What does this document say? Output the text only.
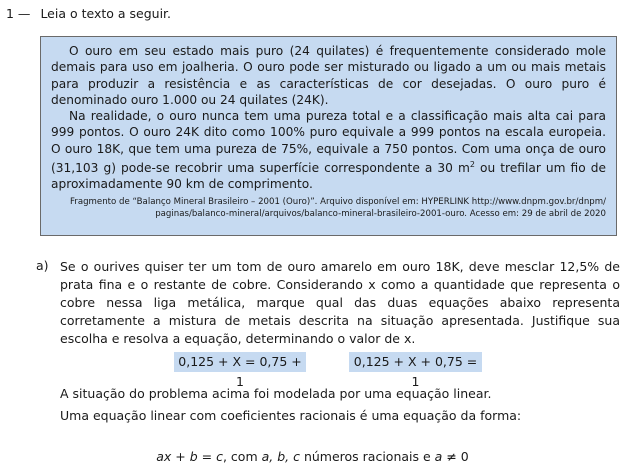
1 — Leia o texto a seguir.

O ouro em seu estado mais puro (24 quilates) é frequentemente considerado mole demais para uso em joalheria. O ouro pode ser misturado ou ligado a um ou mais metais para produzir a resistência e as características de cor desejadas. O ouro puro é denominado ouro 1.000 ou 24 quilates (24K).

Na realidade, o ouro nunca tem uma pureza total e a classificação mais alta cai para 999 pontos. O ouro 24K dito como 100% puro equivale a 999 pontos na escala europeia. O ouro 18K, que tem uma pureza de 75%, equivale a 750 pontos. Com uma onça de ouro (31,103 g) pode-se recobrir uma superfície correspondente a 30 $m^2$ ou trefilar um fio de aproximadamente 90 km de comprimento.

Fragmento de “Balanço Mineral Brasileiro – 2001 (Ouro)”. Arquivo disponível em: HYPERLINK http://www.dnpm.gov.br/dnpm/
paginas/balanco-mineral/arquivos/balanco-mineral-brasileiro-2001-ouro. Acesso em: 29 de abril de 2020
a) Se o ourives quiser ter um tom de ouro amarelo em ouro 18K, deve mesclar 12,5% de prata fina e o restante de cobre. Considerando x como a quantidade que representa o cobre nessa liga metálica, marque qual das duas equações abaixo representa corretamente a mistura de metais descrita na situação apresentada. Justifique sua escolha e resolva a equação, determinando o valor de x.
0,125 + X = 0,75 + 1
0,125 + X + 0,75 = 1
A situação do problema acima foi modelada por uma equação linear.
Uma equação linear com coeficientes racionais é uma equação da forma:
ax + b = c, com a, b, c números racionais e a ≠ 0
